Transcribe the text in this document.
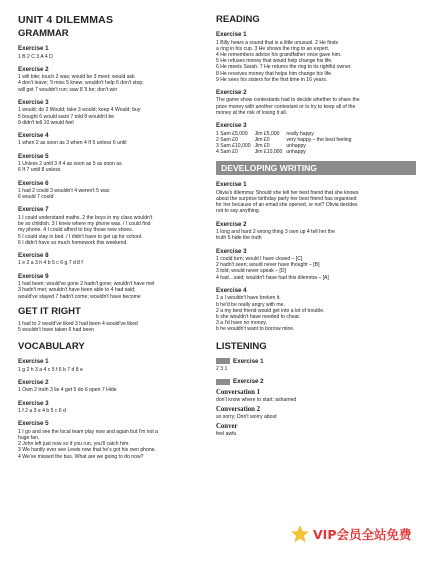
UNIT 4 DILEMMAS
GRAMMAR
Exercise 1

1 B 2 C 3 A 4 D

Exercise 2

1 will bite; touch 2 was; would be 3 meet; would ask

4 don't leave; 'll miss 5 knew; wouldn't help 6 don't stop;

will get 7 wouldn't run; saw 8 'll be; don't win

Exercise 3

1 would; do 2 Would; take 3 would; keep 4 Would; buy

5 bought 6 would want 7 told 8 wouldn't be

9 didn't tell 10 would feel

Exercise 4

1 when 2 as soon as 3 when 4 If 5 unless 6 until

Exercise 5

1 Unless 2 until 3 if 4 as soon as 5 as soon as

6 If 7 until 8 unless

Exercise 6

1 had 2 could 3 wouldn't 4 weren't 5 was

6 would 7 could

Exercise 7

1 I could understand maths. 2 the boys in my class wouldn't

be so childish. 3 I knew where my phone was. / I could find

my phone. 4 I could afford to buy those new shoes.

5 I could stay in bed. / I didn't have to get up for school.

6 I didn't have so much homework this weekend.

Exercise 8

1 e 2 a 3 h 4 b 5 c 6 g 7 d 8 f

Exercise 9

1 had been; would've gone 2 hadn't gone; wouldn't have met

3 hadn't met; wouldn't have been able to 4 had said;

would've stayed 7 hadn't come; wouldn't have become

GET IT RIGHT

1 had to 2 would've liked 3 had been 4 would've liked

5 wouldn't have taken 6 had been

VOCABULARY
Exercise 1

1 g 2 h 3 a 4 c 5 f 6 b 7 d 8 e

Exercise 2

1 Own 2 truth 3 lie 4 get 5 do 6 open 7 Hide

Exercise 3

1 f 2 a 3 e 4 b 5 c 6 d

Exercise 5

1 I go and see the local team play now and again but I'm not a

huge fan.

2 John left just now so if you run, you'll catch him.

3 We hardly ever see Lewis now that he's got his own phone.

4 We've missed the bus. What are we going to do now?

READING
Exercise 1

1 Billy hears a sound that is a little unusual. 2 He finds

a ring in his cup. 3 He shows the ring to an expert.

4 He remembers advice his grandfather once gave him.

5 He refuses money that would help change his life.

6 He meets Sarah. 7 He returns the ring to its rightful owner.

8 He receives money that helps him change his life.

9 He sees his sisters for the first time in 16 years.

Exercise 2

The game show contestants had to decide whether to share the

prize money with another contestant or to try to keep all of the

money at the risk of losing it all.

Exercise 3
1 Sam £5,000	Jim £5,000	really happy
2 Sam £0	Jim £0	very happy – the best feeling
3 Sam £10,000	Jim £0	unhappy
4 Sam £0	Jim £10,000	unhappy
DEVELOPING WRITING
Exercise 1

Olivia's dilemma: Should she tell her best friend that she knows

about the surprise birthday party her best friend has organised

for her because of an email she opened, or not? Olivia decides

not to say anything.

Exercise 2

1 long and hard 2 wrong thing 3 own up 4 tell her the

truth 5 hide the truth

Exercise 3

1 could turn; would I have closed – [C]

2 hadn't seen; would never have thought – [B]

3 told; would never speak – [D]

4 had…said; wouldn't have had this dilemma – [A]

Exercise 4

1 a I wouldn't have broken it.

b he'd be really angry with me.

2 a my best friend would get into a lot of trouble.

b she wouldn't have needed to cheat.

3 a I'd have no money.

b he wouldn't want to borrow mine.

LISTENING
Exercise 1

2 3 1

Exercise 2
Conversation 1

don't know where to start; ashamed

Conversation 2

so sorry; Don't worry about

Conver

feel awfu

VIP会员全站免费
